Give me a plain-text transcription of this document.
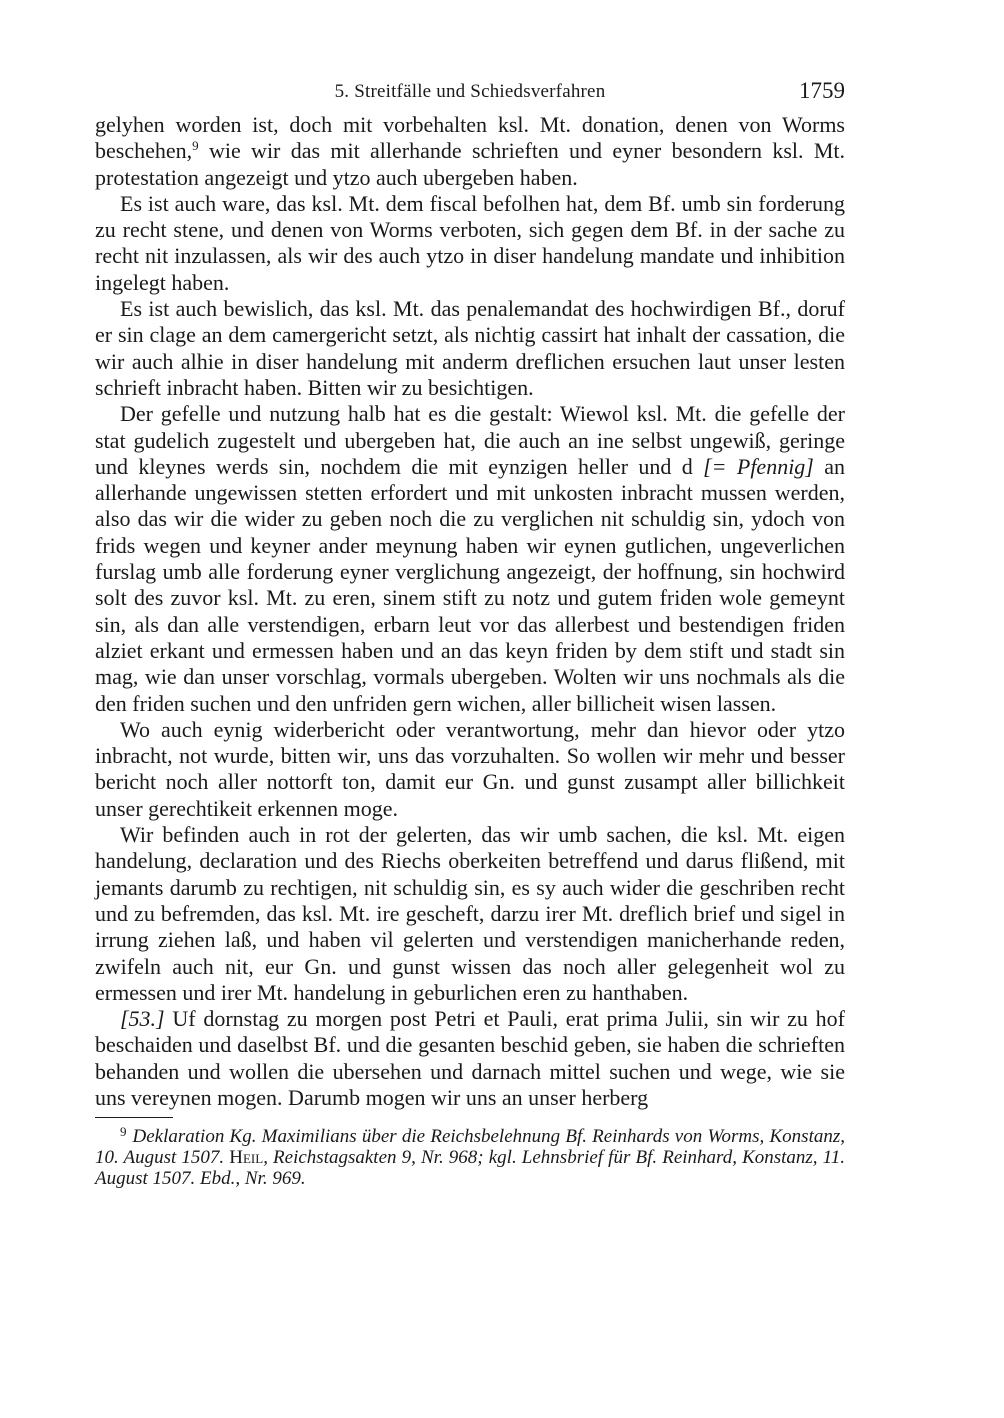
5. Streitfälle und Schiedsverfahren	1759

gelyhen worden ist, doch mit vorbehalten ksl. Mt. donation, denen von Worms beschehen,$^9$ wie wir das mit allerhande schrieften und eyner besondern ksl. Mt. protestation angezeigt und ytzo auch ubergeben haben.

Es ist auch ware, das ksl. Mt. dem fiscal befolhen hat, dem Bf. umb sin forderung zu recht stene, und denen von Worms verboten, sich gegen dem Bf. in der sache zu recht nit inzulassen, als wir des auch ytzo in diser handelung mandate und inhibition ingelegt haben.

Es ist auch bewislich, das ksl. Mt. das penalemandat des hochwirdigen Bf., doruf er sin clage an dem camergericht setzt, als nichtig cassirt hat inhalt der cassation, die wir auch alhie in diser handelung mit anderm dreflichen ersuchen laut unser lesten schrieft inbracht haben. Bitten wir zu besichtigen.

Der gefelle und nutzung halb hat es die gestalt: Wiewol ksl. Mt. die gefelle der stat gudelich zugestelt und ubergeben hat, die auch an ine selbst ungewiß, geringe und kleynes werds sin, nochdem die mit eynzigen heller und d [= Pfennig] an allerhande ungewissen stetten erfordert und mit unkosten inbracht mussen werden, also das wir die wider zu geben noch die zu verglichen nit schuldig sin, ydoch von frids wegen und keyner ander meynung haben wir eynen gutlichen, ungeverlichen furslag umb alle forderung eyner verglichung angezeigt, der hoffnung, sin hochwird solt des zuvor ksl. Mt. zu eren, sinem stift zu notz und gutem friden wole gemeynt sin, als dan alle verstendigen, erbarn leut vor das allerbest und bestendigen friden alziet erkant und ermessen haben und an das keyn friden by dem stift und stadt sin mag, wie dan unser vorschlag, vormals ubergeben. Wolten wir uns nochmals als die den friden suchen und den unfriden gern wichen, aller billicheit wisen lassen.

Wo auch eynig widerbericht oder verantwortung, mehr dan hievor oder ytzo inbracht, not wurde, bitten wir, uns das vorzuhalten. So wollen wir mehr und besser bericht noch aller nottorft ton, damit eur Gn. und gunst zusampt aller billichkeit unser gerechtikeit erkennen moge.

Wir befinden auch in rot der gelerten, das wir umb sachen, die ksl. Mt. eigen handelung, declaration und des Riechs oberkeiten betreffend und darus flißend, mit jemants darumb zu rechtigen, nit schuldig sin, es sy auch wider die geschriben recht und zu befremden, das ksl. Mt. ire gescheft, darzu irer Mt. dreflich brief und sigel in irrung ziehen laß, und haben vil gelerten und verstendigen manicherhande reden, zwifeln auch nit, eur Gn. und gunst wissen das noch aller gelegenheit wol zu ermessen und irer Mt. handelung in geburlichen eren zu hanthaben.

[53.] Uf dornstag zu morgen post Petri et Pauli, erat prima Julii, sin wir zu hof beschaiden und daselbst Bf. und die gesanten beschid geben, sie haben die schrieften behanden und wollen die ubersehen und darnach mittel suchen und wege, wie sie uns vereynen mogen. Darumb mogen wir uns an unser herberg

$^9$ Deklaration Kg. Maximilians über die Reichsbelehnung Bf. Reinhards von Worms, Konstanz, 10. August 1507. Heil, Reichstagsakten 9, Nr. 968; kgl. Lehnsbrief für Bf. Reinhard, Konstanz, 11. August 1507. Ebd., Nr. 969.
